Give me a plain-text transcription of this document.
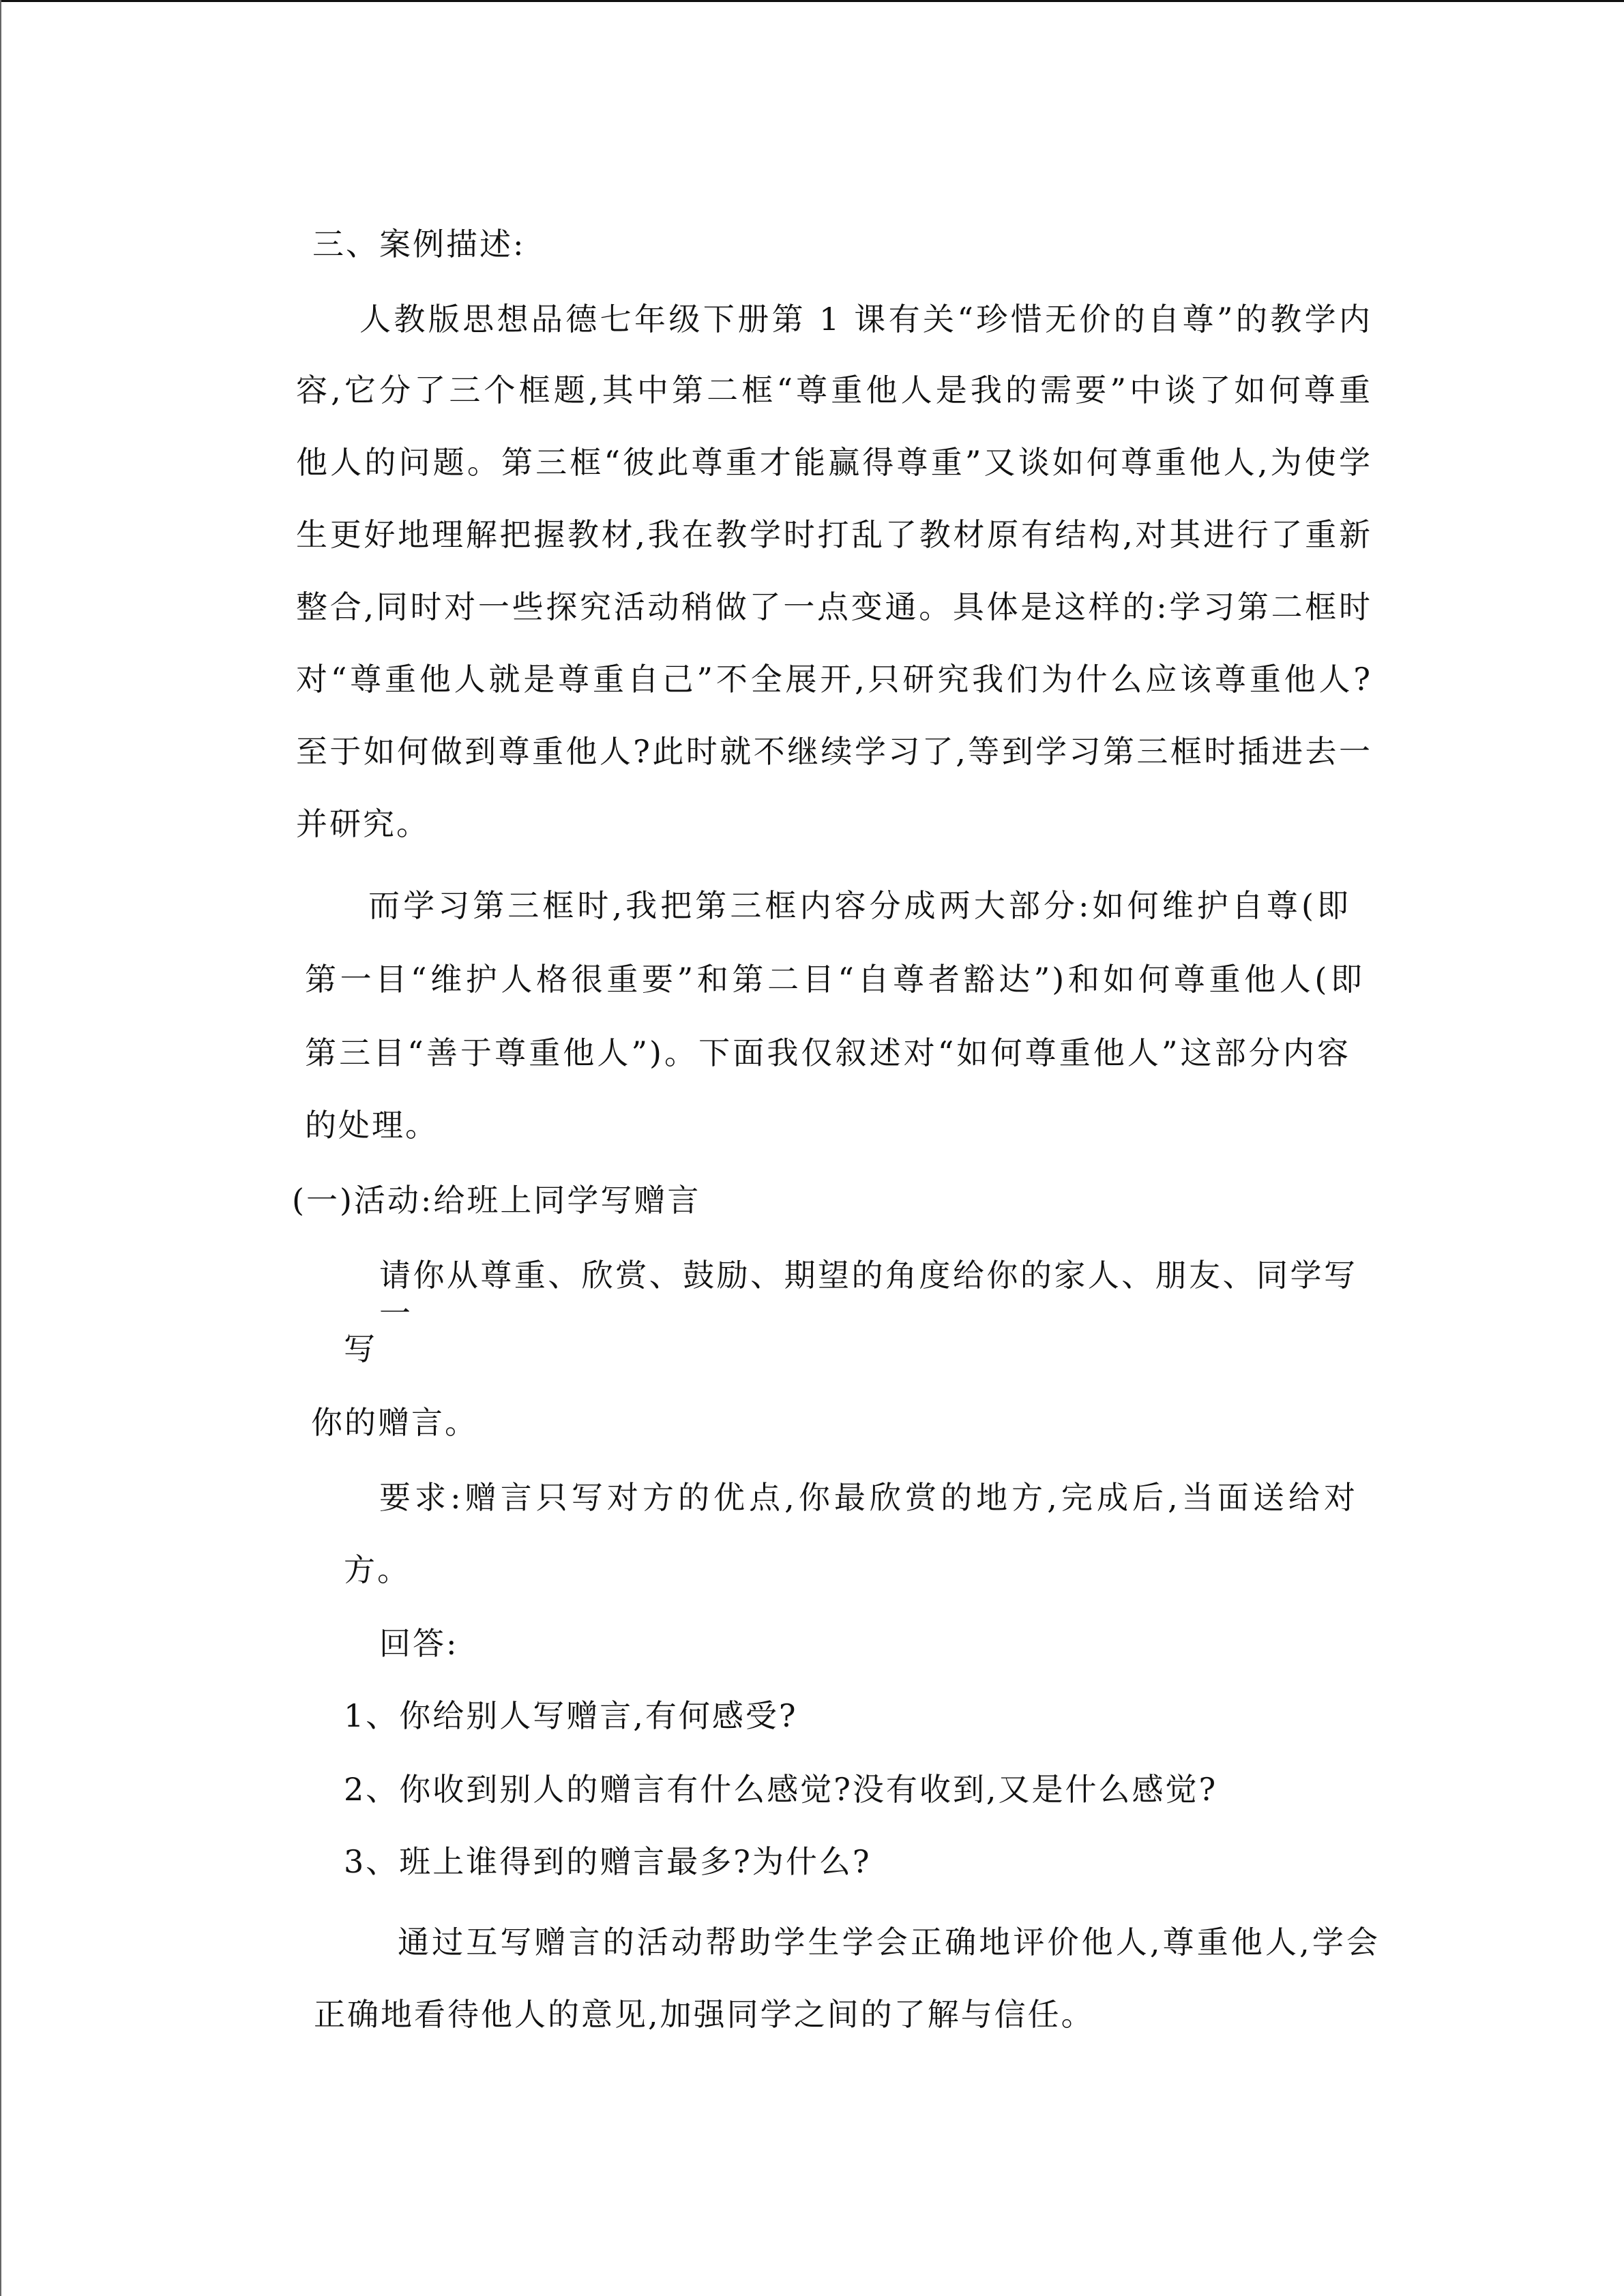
三、案例描述:
人教版思想品德七年级下册第 1 课有关“珍惜无价的自尊”的教学内
容,它分了三个框题,其中第二框“尊重他人是我的需要”中谈了如何尊重
他人的问题。第三框“彼此尊重才能赢得尊重”又谈如何尊重他人,为使学
生更好地理解把握教材,我在教学时打乱了教材原有结构,对其进行了重新
整合,同时对一些探究活动稍做了一点变通。具体是这样的:学习第二框时
对“尊重他人就是尊重自己”不全展开,只研究我们为什么应该尊重他人?
至于如何做到尊重他人?此时就不继续学习了,等到学习第三框时插进去一
并研究。
而学习第三框时,我把第三框内容分成两大部分:如何维护自尊(即
第一目“维护人格很重要”和第二目“自尊者豁达”)和如何尊重他人(即
第三目“善于尊重他人”)。下面我仅叙述对“如何尊重他人”这部分内容
的处理。
(一)活动:给班上同学写赠言
请你从尊重、欣赏、鼓励、期望的角度给你的家人、朋友、同学写一
写
你的赠言。
要求:赠言只写对方的优点,你最欣赏的地方,完成后,当面送给对
方。
回答:
1、你给别人写赠言,有何感受?
2、你收到别人的赠言有什么感觉?没有收到,又是什么感觉?
3、班上谁得到的赠言最多?为什么?
通过互写赠言的活动帮助学生学会正确地评价他人,尊重他人,学会
正确地看待他人的意见,加强同学之间的了解与信任。
